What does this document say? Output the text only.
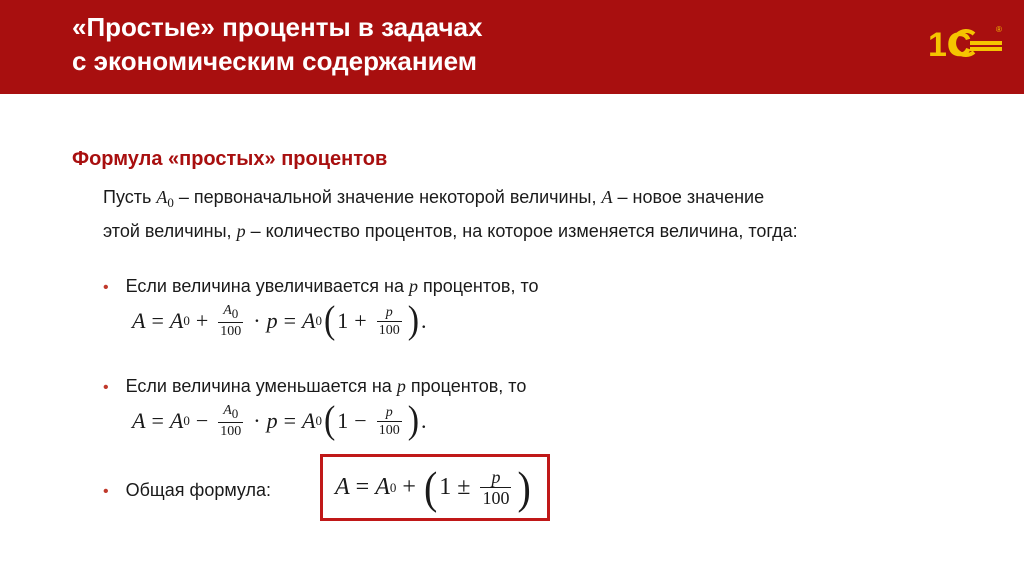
«Простые» проценты в задачах
с экономическим содержанием	1С	®
Формула «простых» процентов
Пусть $A_0$ – первоначальной значение некоторой величины, A – новое значение
этой величины, p – количество процентов, на которое изменяется величина, тогда:
• Если величина увеличивается на p процентов, то
A = A $0 + \frac{A_0}{100} \cdot p = A$ 0 ( $1 + \frac{p}{100}$ ) .
• Если величина уменьшается на p процентов, то
A = A $0 - \frac{A_0}{100} \cdot p = A$ 0 ( $1 - \frac{p}{100}$ ) .
• Общая формула:	A = A 0 + ( $1 \pm \frac{p}{100}$ )
